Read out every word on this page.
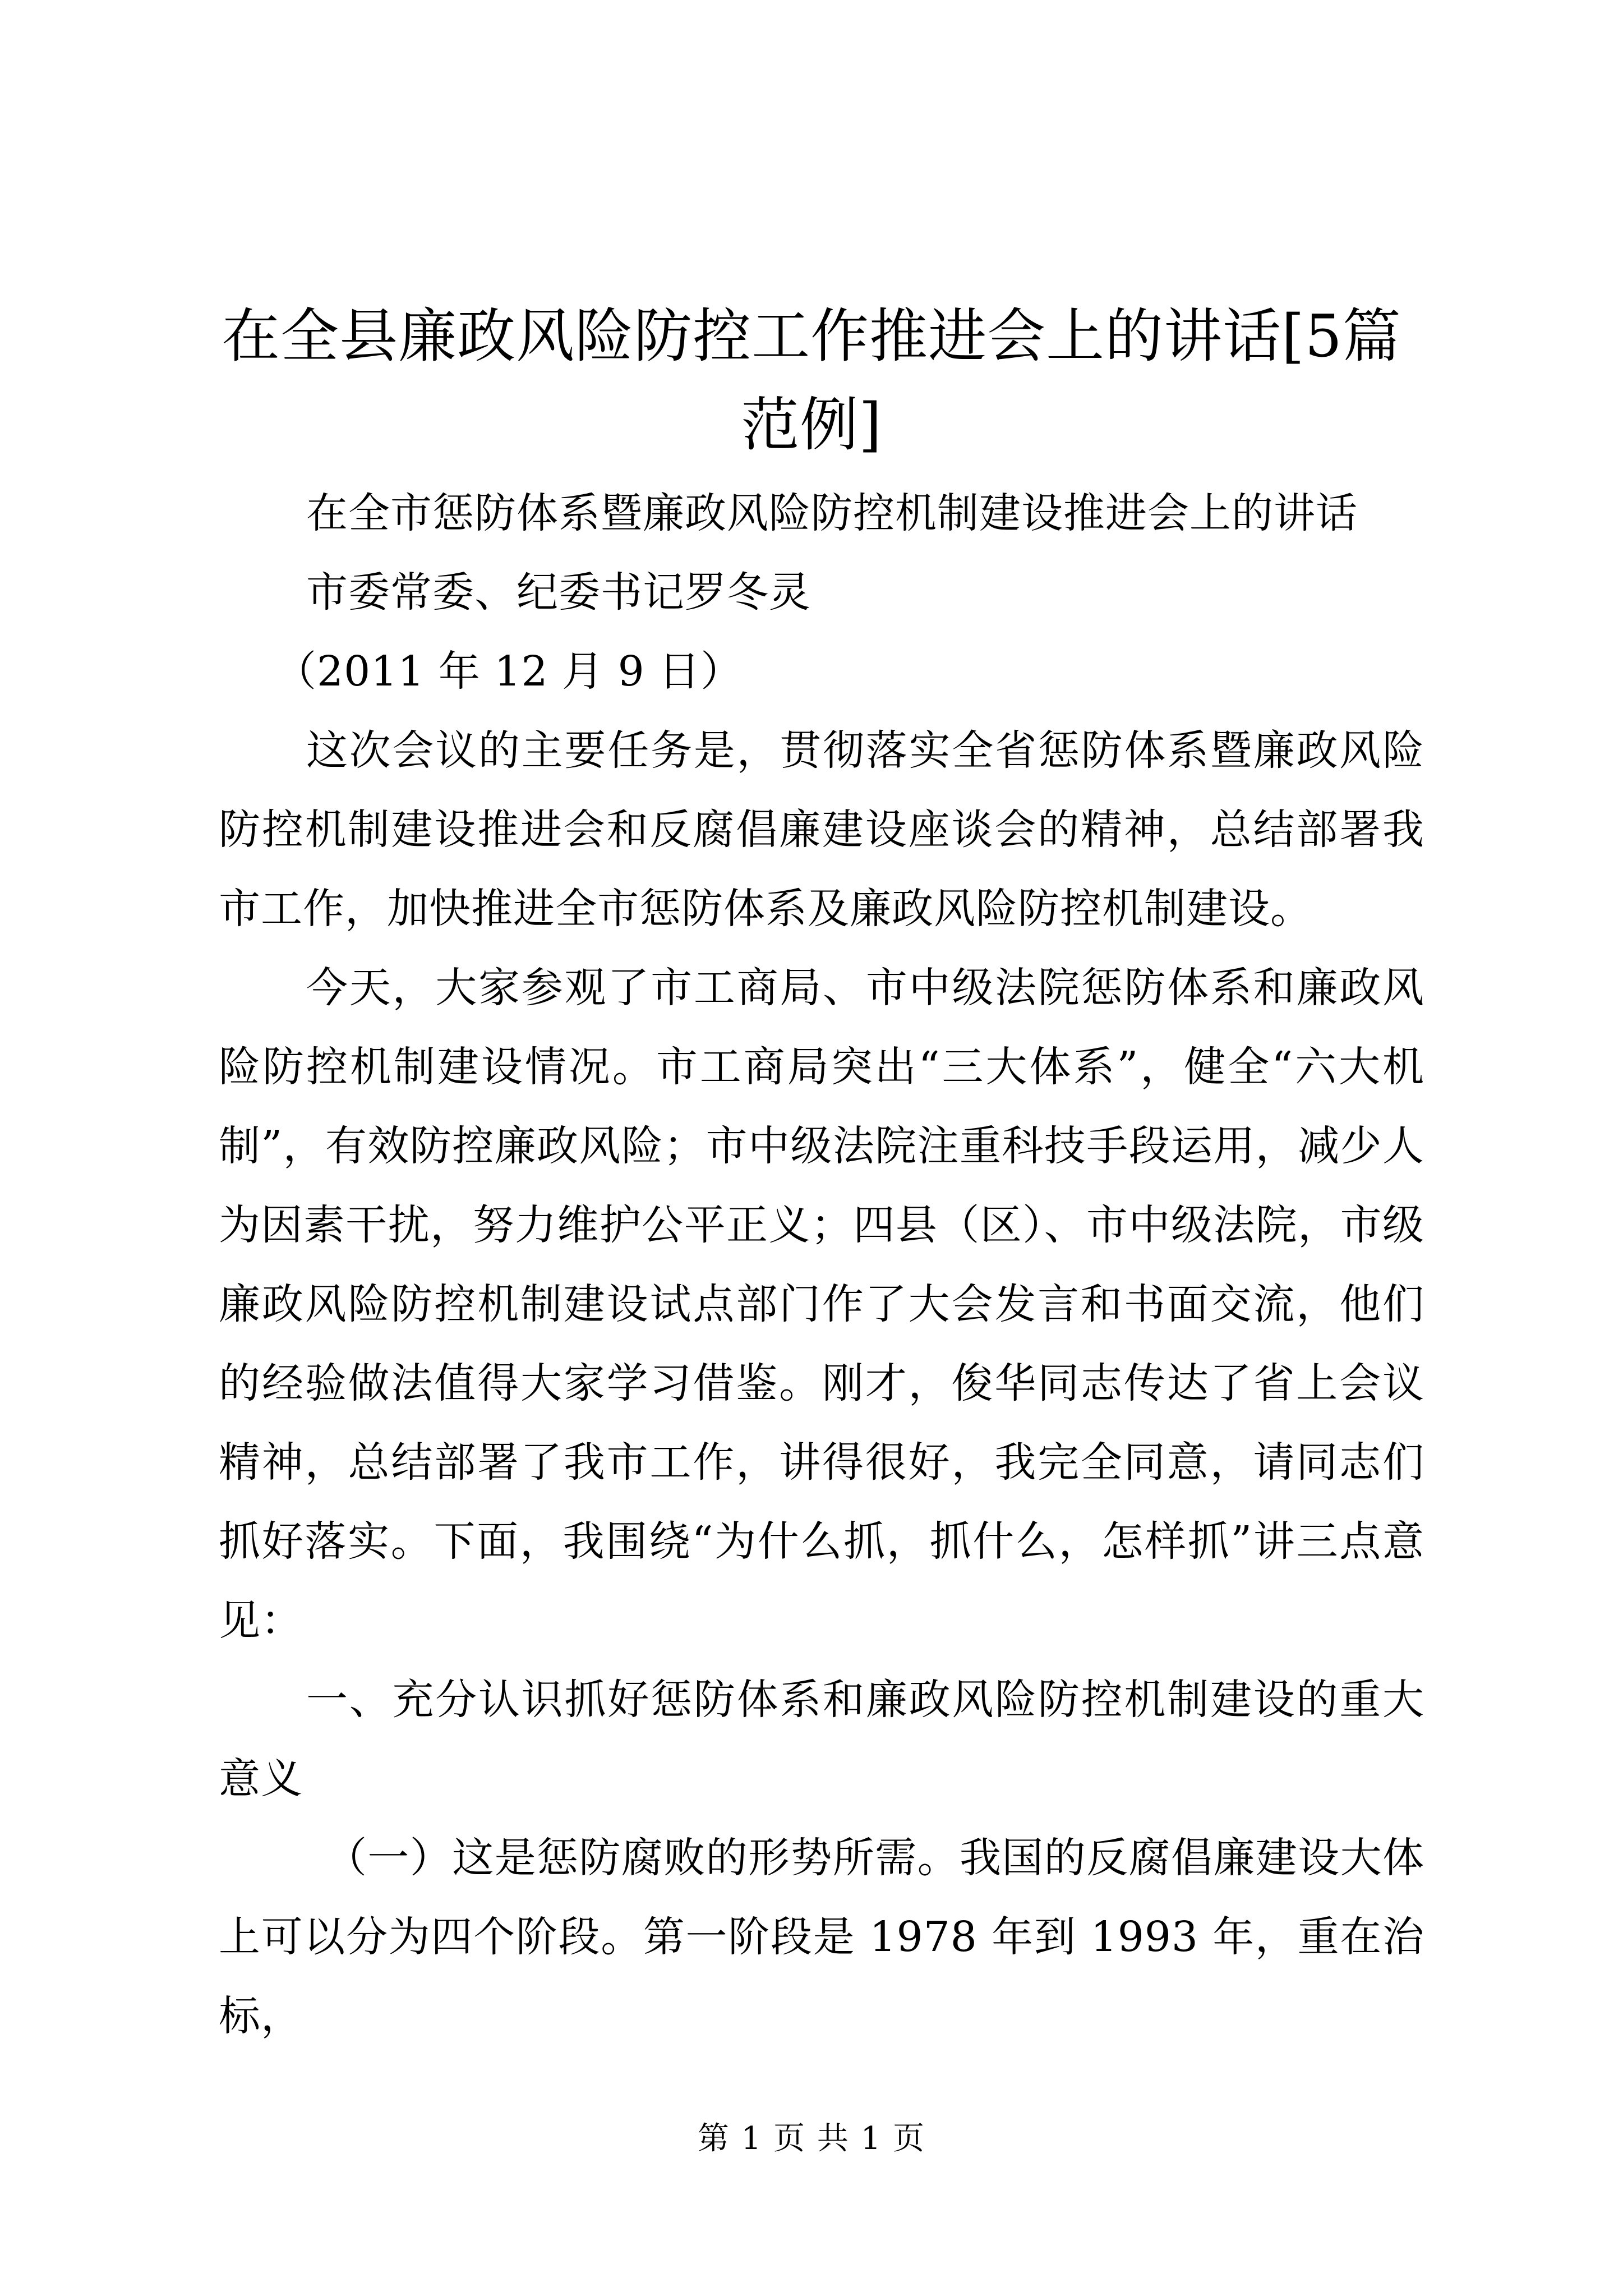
在全县廉政风险防控工作推进会上的讲话[5篇范例]

在全市惩防体系暨廉政风险防控机制建设推进会上的讲话

市委常委、纪委书记罗冬灵

（2011 年 12 月 9 日）

这次会议的主要任务是，贯彻落实全省惩防体系暨廉政风险防控机制建设推进会和反腐倡廉建设座谈会的精神，总结部署我市工作，加快推进全市惩防体系及廉政风险防控机制建设。

今天，大家参观了市工商局、市中级法院惩防体系和廉政风险防控机制建设情况。市工商局突出“三大体系”，健全“六大机制”，有效防控廉政风险；市中级法院注重科技手段运用，减少人为因素干扰，努力维护公平正义；四县（区）、市中级法院，市级廉政风险防控机制建设试点部门作了大会发言和书面交流，他们的经验做法值得大家学习借鉴。刚才，俊华同志传达了省上会议精神，总结部署了我市工作，讲得很好，我完全同意，请同志们抓好落实。下面，我围绕“为什么抓，抓什么，怎样抓”讲三点意见：

一、充分认识抓好惩防体系和廉政风险防控机制建设的重大意义

（一）这是惩防腐败的形势所需。我国的反腐倡廉建设大体上可以分为四个阶段。第一阶段是 1978 年到 1993 年，重在治标，

第 1 页 共 1 页
